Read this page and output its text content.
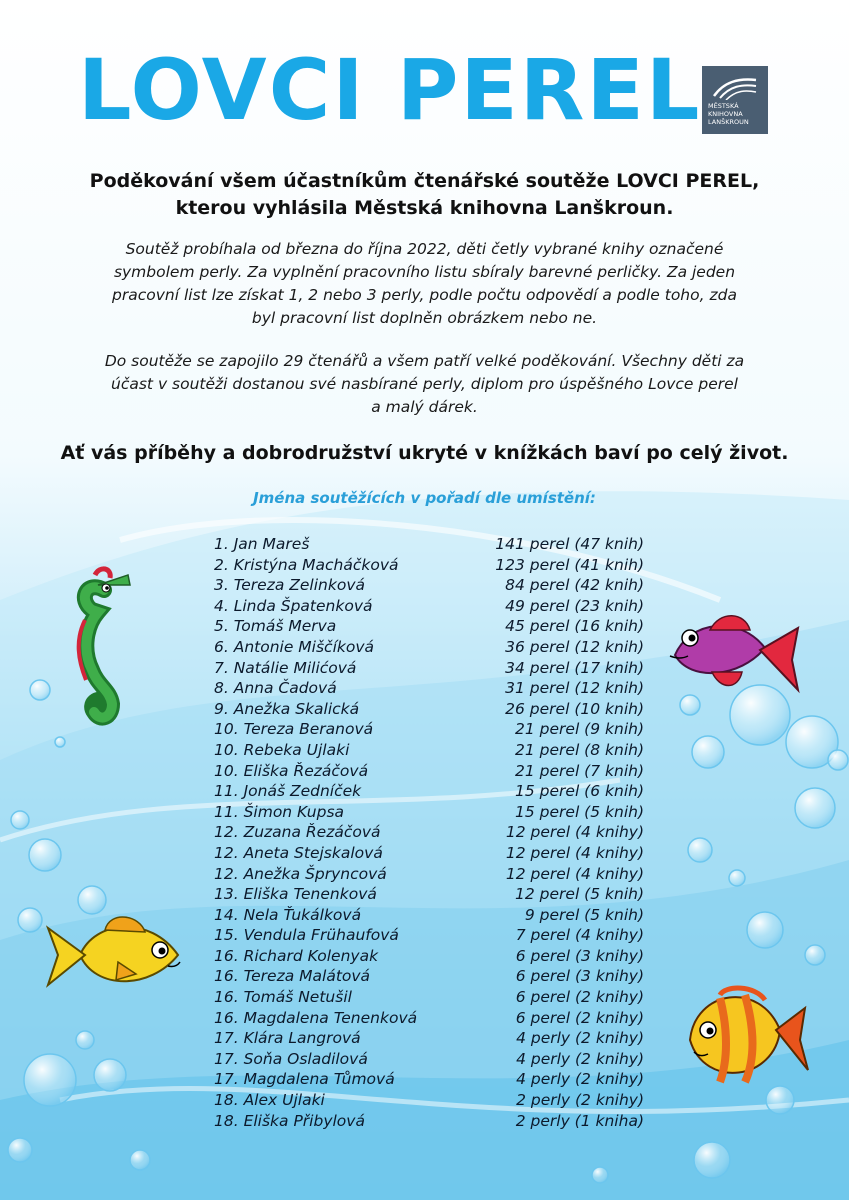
LOVCI PEREL MĚSTSKÁ
KNIHOVNA
LANŠKROUN
Poděkování všem účastníkům čtenářské soutěže LOVCI PEREL,
kterou vyhlásila Městská knihovna Lanškroun.
Soutěž probíhala od března do října 2022, děti četly vybrané knihy označené
symbolem perly. Za vyplnění pracovního listu sbíraly barevné perličky. Za jeden
pracovní list lze získat 1, 2 nebo 3 perly, podle počtu odpovědí a podle toho, zda
byl pracovní list doplněn obrázkem nebo ne.
Do soutěže se zapojilo 29 čtenářů a všem patří velké poděkování. Všechny děti za
účast v soutěži dostanou své nasbírané perly, diplom pro úspěšného Lovce perel
a malý dárek.
Ať vás příběhy a dobrodružství ukryté v knížkách baví po celý život.
Jména soutěžících v pořadí dle umístění:
1. Jan Mareš	141 perel (47 knih)
2. Kristýna Macháčková	123 perel (41 knih)
3. Tereza Zelinková	84 perel (42 knih)
4. Linda Špatenková	49 perel (23 knih)
5. Tomáš Merva	45 perel (16 knih)
6. Antonie Miščíková	36 perel (12 knih)
7. Natálie Milićová	34 perel (17 knih)
8. Anna Čadová	31 perel (12 knih)
9. Anežka Skalická	26 perel (10 knih)
10. Tereza Beranová	21 perel (9 knih)
10. Rebeka Ujlaki	21 perel (8 knih)
10. Eliška Řezáčová	21 perel (7 knih)
11. Jonáš Zedníček	15 perel (6 knih)
11. Šimon Kupsa	15 perel (5 knih)
12. Zuzana Řezáčová	12 perel (4 knihy)
12. Aneta Stejskalová	12 perel (4 knihy)
12. Anežka Šprynсová	12 perel (4 knihy)
13. Eliška Tenenková	12 perel (5 knih)
14. Nela Ťukálková	9 perel (5 knih)
15. Vendula Frühaufová	7 perel (4 knihy)
16. Richard Kolenyak	6 perel (3 knihy)
16. Tereza Malátová	6 perel (3 knihy)
16. Tomáš Netušil	6 perel (2 knihy)
16. Magdalena Tenenková	6 perel (2 knihy)
17. Klára Langrová	4 perly (2 knihy)
17. Soňa Osladilová	4 perly (2 knihy)
17. Magdalena Tůmová	4 perly (2 knihy)
18. Alex Ujlaki	2 perly (2 knihy)
18. Eliška Přibylová	2 perly (1 kniha)
